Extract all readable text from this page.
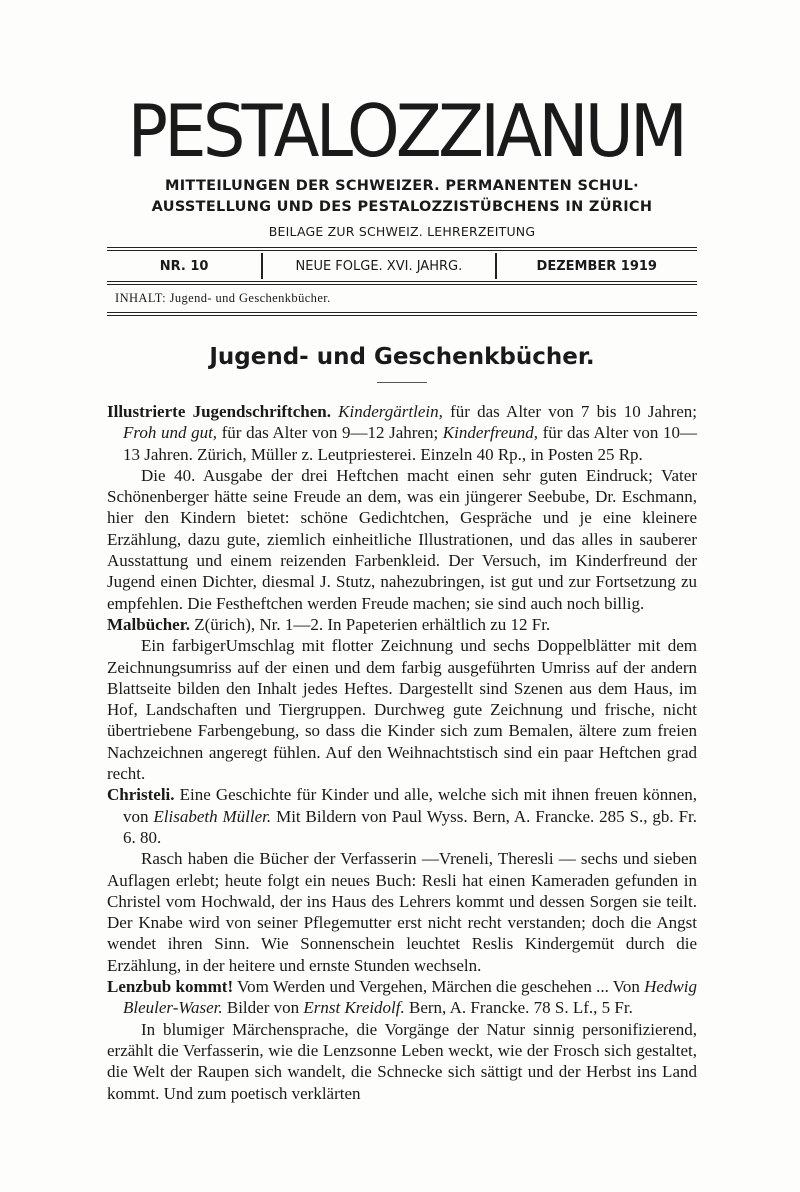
PESTALOZZIANUM
MITTEILUNGEN DER SCHWEIZER. PERMANENTEN SCHUL·
AUSSTELLUNG UND DES PESTALOZZISTÜBCHENS IN ZÜRICH
BEILAGE ZUR SCHWEIZ. LEHRERZEITUNG
NR. 10	NEUE FOLGE. XVI. JAHRG.	DEZEMBER 1919
INHALT: Jugend- und Geschenkbücher.
Jugend- und Geschenkbücher.

Illustrierte Jugendschriftchen. Kindergärtlein, für das Alter von 7 bis 10 Jahren; Froh und gut, für das Alter von 9—12 Jahren; Kinderfreund, für das Alter von 10—13 Jahren. Zürich, Müller z. Leutpriesterei. Einzeln 40 Rp., in Posten 25 Rp.

Die 40. Ausgabe der drei Heftchen macht einen sehr guten Eindruck; Vater Schönenberger hätte seine Freude an dem, was ein jüngerer Seebube, Dr. Eschmann, hier den Kindern bietet: schöne Gedichtchen, Gespräche und je eine kleinere Erzählung, dazu gute, ziemlich einheitliche Illustrationen, und das alles in sauberer Ausstattung und einem reizenden Farbenkleid. Der Versuch, im Kinderfreund der Jugend einen Dichter, diesmal J. Stutz, nahezubringen, ist gut und zur Fortsetzung zu empfehlen. Die Festheftchen werden Freude machen; sie sind auch noch billig.

Malbücher. Z(ürich), Nr. 1—2. In Papeterien erhältlich zu 12 Fr.

Ein farbigerUmschlag mit flotter Zeichnung und sechs Doppelblätter mit dem Zeichnungsumriss auf der einen und dem farbig ausgeführten Umriss auf der andern Blattseite bilden den Inhalt jedes Heftes. Dargestellt sind Szenen aus dem Haus, im Hof, Landschaften und Tiergruppen. Durchweg gute Zeichnung und frische, nicht übertriebene Farbengebung, so dass die Kinder sich zum Bemalen, ältere zum freien Nachzeichnen angeregt fühlen. Auf den Weihnachtstisch sind ein paar Heftchen grad recht.

Christeli. Eine Geschichte für Kinder und alle, welche sich mit ihnen freuen können, von Elisabeth Müller. Mit Bildern von Paul Wyss. Bern, A. Francke. 285 S., gb. Fr. 6. 80.

Rasch haben die Bücher der Verfasserin —Vreneli, Theresli — sechs und sieben Auflagen erlebt; heute folgt ein neues Buch: Resli hat einen Kameraden gefunden in Christel vom Hochwald, der ins Haus des Lehrers kommt und dessen Sorgen sie teilt. Der Knabe wird von seiner Pflegemutter erst nicht recht verstanden; doch die Angst wendet ihren Sinn. Wie Sonnenschein leuchtet Reslis Kindergemüt durch die Erzählung, in der heitere und ernste Stunden wechseln.

Lenzbub kommt! Vom Werden und Vergehen, Märchen die geschehen ... Von Hedwig Bleuler-Waser. Bilder von Ernst Kreidolf. Bern, A. Francke. 78 S. Lf., 5 Fr.

In blumiger Märchensprache, die Vorgänge der Natur sinnig personifizierend, erzählt die Verfasserin, wie die Lenzsonne Leben weckt, wie der Frosch sich gestaltet, die Welt der Raupen sich wandelt, die Schnecke sich sättigt und der Herbst ins Land kommt. Und zum poetisch verklärten
